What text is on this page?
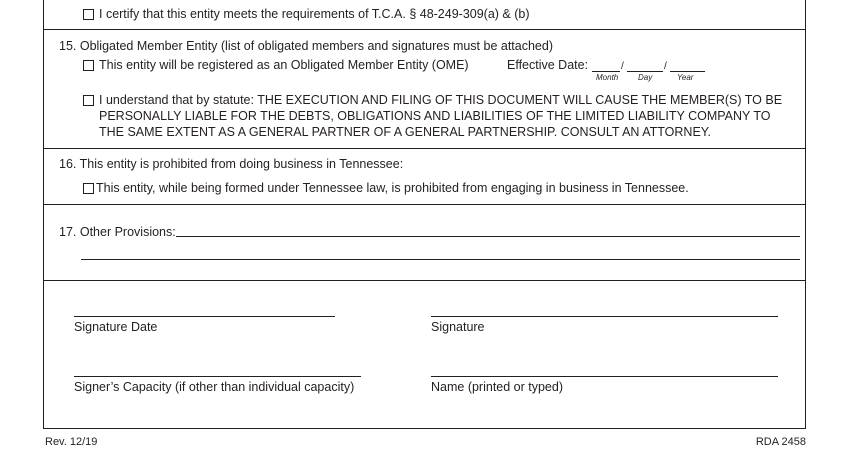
I certify that this entity meets the requirements of T.C.A. § 48-249-309(a) & (b)
15. Obligated Member Entity (list of obligated members and signatures must be attached)
This entity will be registered as an Obligated Member Entity (OME)	Effective Date:	/	/
Month Day	Year
I understand that by statute: THE EXECUTION AND FILING OF THIS DOCUMENT WILL CAUSE THE MEMBER(S) TO BE
PERSONALLY LIABLE FOR THE DEBTS, OBLIGATIONS AND LIABILITIES OF THE LIMITED LIABILITY COMPANY TO
THE SAME EXTENT AS A GENERAL PARTNER OF A GENERAL PARTNERSHIP. CONSULT AN ATTORNEY.
16. This entity is prohibited from doing business in Tennessee:
This entity, while being formed under Tennessee law, is prohibited from engaging in business in Tennessee.
17. Other Provisions:
Signature Date	Signature
Signer’s Capacity (if other than individual capacity)	Name (printed or typed)
Rev. 12/19	RDA 2458
